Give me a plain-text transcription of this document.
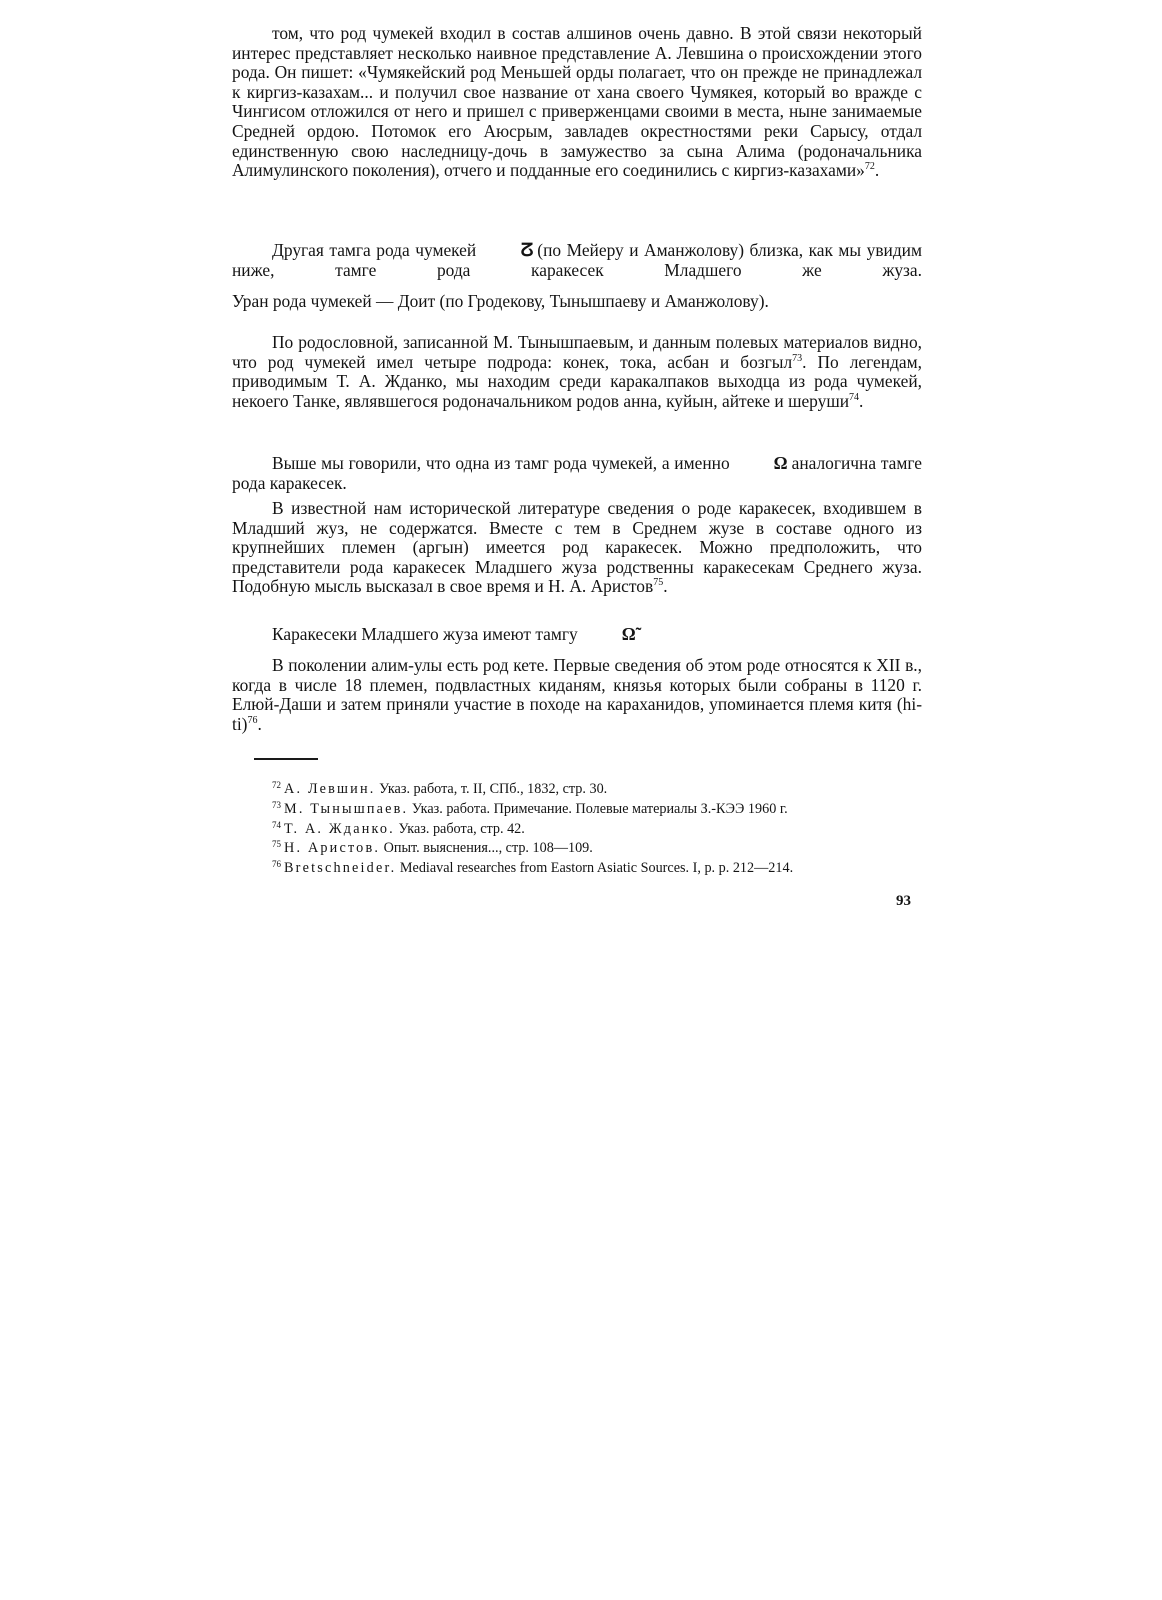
том, что род чумекей входил в состав алшинов очень давно. В этой связи некоторый интерес представляет несколько наивное представление А. Левшина о происхождении этого рода. Он пишет: «Чумякейский род Меньшей орды полагает, что он прежде не принадлежал к киргиз-казахам... и получил свое название от хана своего Чумякея, который во вражде с Чингисом отложился от него и пришел с приверженцами своими в места, ныне занимаемые Средней ордою. Потомок его Аюсрым, завладев окрестностями реки Сарысу, отдал единственную свою наследницу-дочь в замужество за сына Алима (родоначальника Алимулинского поколения), отчего и подданные его соединились с киргиз-казахами»$^{72}$.

Другая тамга рода чумекей	ⵒ (по Мейеру и Аманжолову) близка, как мы увидим ниже, тамге рода каракесек Младшего же жуза.

Уран рода чумекей — Доит (по Гродекову, Тынышпаеву и Аманжолову).

По родословной, записанной М. Тынышпаевым, и данным полевых материалов видно, что род чумекей имел четыре подрода: конек, тока, асбан и бозгыл$^{73}$. По легендам, приводимым Т. А. Жданко, мы находим среди каракалпаков выходца из рода чумекей, некоего Танке, являвшегося родоначальником родов анна, куйын, айтеке и шеруши$^{74}$.

Выше мы говорили, что одна из тамг рода чумекей, а именно	Ω аналогична тамге рода каракесек.

В известной нам исторической литературе сведения о роде каракесек, входившем в Младший жуз, не содержатся. Вместе с тем в Среднем жузе в составе одного из крупнейших племен (аргын) имеется род каракесек. Можно предположить, что представители рода каракесек Младшего жуза родственны каракесекам Среднего жуза. Подобную мысль высказал в свое время и Н. А. Аристов$^{75}$.

Каракесеки Младшего жуза имеют тамгу	Ω̃

В поколении алим-улы есть род кете. Первые сведения об этом роде относятся к XII в., когда в числе 18 племен, подвластных киданям, князья которых были собраны в 1120 г. Елюй-Даши и затем приняли участие в походе на караханидов, упоминается племя китя $(hi-ti)^{76}$.

$^{72}$ А. Левшин. Указ. работа, т. II, СПб., 1832, стр. 30.

$^{73}$ М. Тынышпаев. Указ. работа. Примечание. Полевые материалы З.-КЭЭ 1960 г.

$^{74}$ Т. А. Жданко. Указ. работа, стр. 42.

$^{75}$ Н. Аристов. Опыт. выяснения..., стр. 108—109.

$^{76}$ Bretschneider. Mediaval researches from Eastorn Asiatic Sources. I, p. p. 212—214.

93
